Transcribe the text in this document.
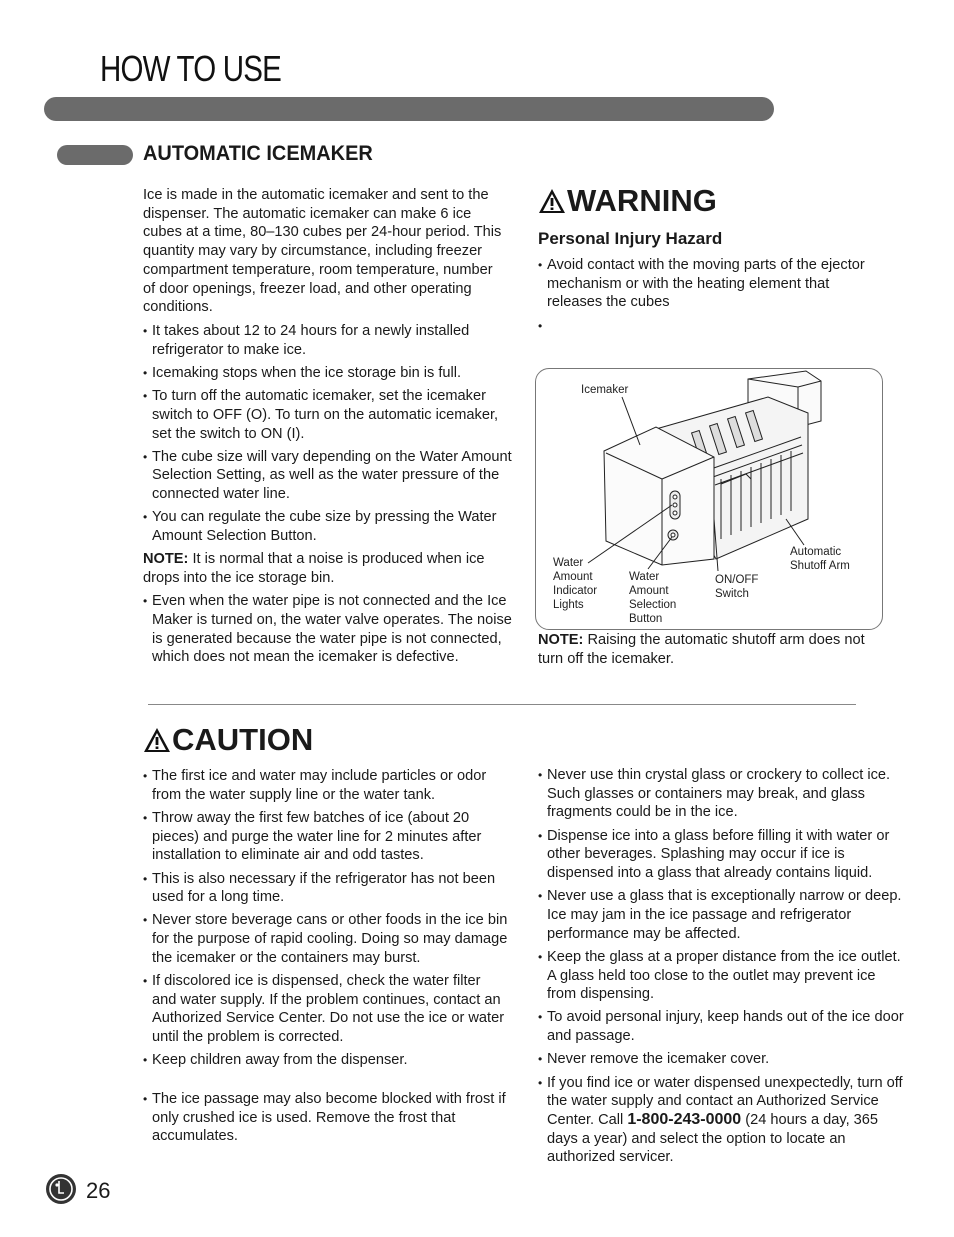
HOW TO USE
AUTOMATIC ICEMAKER
Ice is made in the automatic icemaker and sent to the dispenser. The automatic icemaker can make 6 ice cubes at a time, 80–130 cubes per 24-hour period. This quantity may vary by circumstance, including freezer compartment temperature, room temperature, number of door openings, freezer load, and other operating conditions.
• It takes about 12 to 24 hours for a newly installed refrigerator to make ice.
• Icemaking stops when the ice storage bin is full.
• To turn off the automatic icemaker, set the icemaker switch to OFF (O). To turn on the automatic icemaker, set the switch to ON (I).
• The cube size will vary depending on the Water Amount Selection Setting, as well as the water pressure of the connected water line.
• You can regulate the cube size by pressing the Water Amount Selection Button.
NOTE: It is normal that a noise is produced when ice drops into the ice storage bin.
• Even when the water pipe is not connected and the Ice Maker is turned on, the water valve operates. The noise is generated because the water pipe is not connected, which does not mean the icemaker is defective.
WARNING
Personal Injury Hazard
• Avoid contact with the moving parts of the ejector mechanism or with the heating element that releases the cubes
•
Icemaker
Water Amount Indicator Lights
Water Amount Selection Button
ON/OFF Switch
Automatic Shutoff Arm
NOTE: Raising the automatic shutoff arm does not turn off the icemaker.
CAUTION
• The first ice and water may include particles or odor from the water supply line or the water tank.
• Throw away the first few batches of ice (about 20 pieces) and purge the water line for 2 minutes after installation to eliminate air and odd tastes.
• This is also necessary if the refrigerator has not been used for a long time.
• Never store beverage cans or other foods in the ice bin for the purpose of rapid cooling. Doing so may damage the icemaker or the containers may burst.
• If discolored ice is dispensed, check the water filter and water supply. If the problem continues, contact an Authorized Service Center. Do not use the ice or water until the problem is corrected.
• Keep children away from the dispenser.
• The ice passage may also become blocked with frost if only crushed ice is used. Remove the frost that accumulates.
• Never use thin crystal glass or crockery to collect ice. Such glasses or containers may break, and glass fragments could be in the ice.
• Dispense ice into a glass before filling it with water or other beverages. Splashing may occur if ice is dispensed into a glass that already contains liquid.
• Never use a glass that is exceptionally narrow or deep. Ice may jam in the ice passage and refrigerator performance may be affected.
• Keep the glass at a proper distance from the ice outlet. A glass held too close to the outlet may prevent ice from dispensing.
• To avoid personal injury, keep hands out of the ice door and passage.
• Never remove the icemaker cover.
• If you find ice or water dispensed unexpectedly, turn off the water supply and contact an Authorized Service Center. Call 1-800-243-0000 (24 hours a day, 365 days a year) and select the option to locate an authorized servicer.
26
